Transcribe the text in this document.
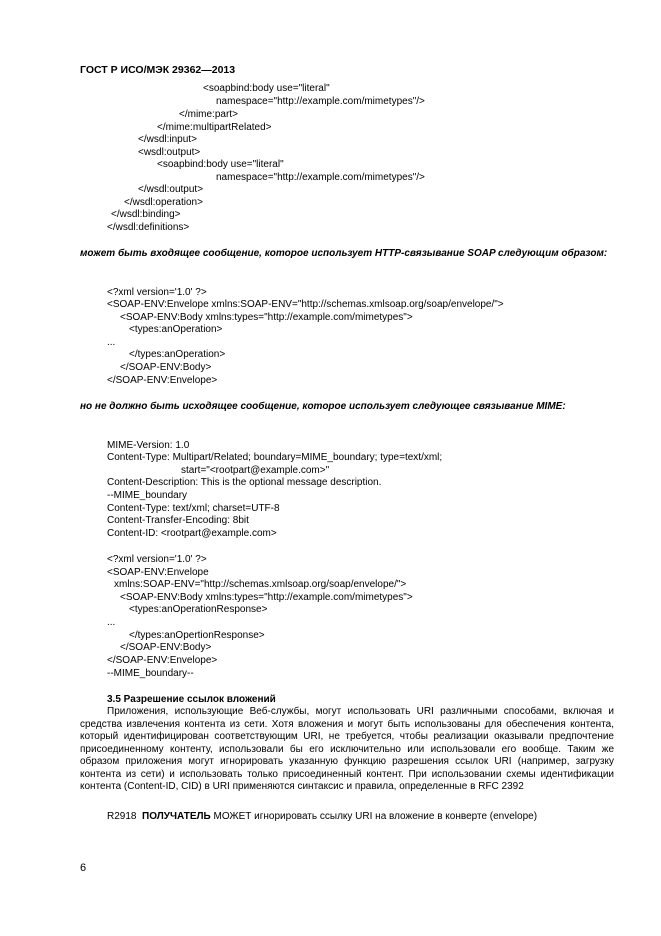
ГОСТ Р ИСО/МЭК 29362—2013
<soapbind:body use="literal"
namespace="http://example.com/mimetypes"/>
</mime:part>
</mime:multipartRelated>
</wsdl:input>
<wsdl:output>
<soapbind:body use="literal"
namespace="http://example.com/mimetypes"/>
</wsdl:output>
</wsdl:operation>
</wsdl:binding>
</wsdl:definitions>
может быть входящее сообщение, которое использует HTTP-связывание SOAP следующим образом:
<?xml version='1.0' ?>
<SOAP-ENV:Envelope xmlns:SOAP-ENV="http://schemas.xmlsoap.org/soap/envelope/">
<SOAP-ENV:Body xmlns:types="http://example.com/mimetypes">
<types:anOperation>
...
</types:anOperation>
</SOAP-ENV:Body>
</SOAP-ENV:Envelope>
но не должно быть исходящее сообщение, которое использует следующее связывание MIME:
MIME-Version: 1.0
Content-Type: Multipart/Related; boundary=MIME_boundary; type=text/xml;
start="<rootpart@example.com>"
Content-Description: This is the optional message description.
--MIME_boundary
Content-Type: text/xml; charset=UTF-8
Content-Transfer-Encoding: 8bit
Content-ID: <rootpart@example.com>
<?xml version='1.0' ?>
<SOAP-ENV:Envelope
xmlns:SOAP-ENV="http://schemas.xmlsoap.org/soap/envelope/">
<SOAP-ENV:Body xmlns:types="http://example.com/mimetypes">
<types:anOperationResponse>
...
</types:anOpertionResponse>
</SOAP-ENV:Body>
</SOAP-ENV:Envelope>
--MIME_boundary--
3.5 Разрешение ссылок вложений
Приложения, использующие Веб-службы, могут использовать URI различными способами, включая и средства извлечения контента из сети. Хотя вложения и могут быть использованы для обеспечения контента, который идентифицирован соответствующим URI, не требуется, чтобы реализации оказывали предпочтение присоединенному контенту, использовали бы его исключительно или использовали его вообще. Таким же образом приложения могут игнорировать указанную функцию разрешения ссылок URI (например, загрузку контента из сети) и использовать только присоединенный контент. При использовании схемы идентификации контента (Content-ID, CID) в URI применяются синтаксис и правила, определенные в RFC 2392
R2918 ПОЛУЧАТЕЛЬ МОЖЕТ игнорировать ссылку URI на вложение в конверте (envelope)
6
